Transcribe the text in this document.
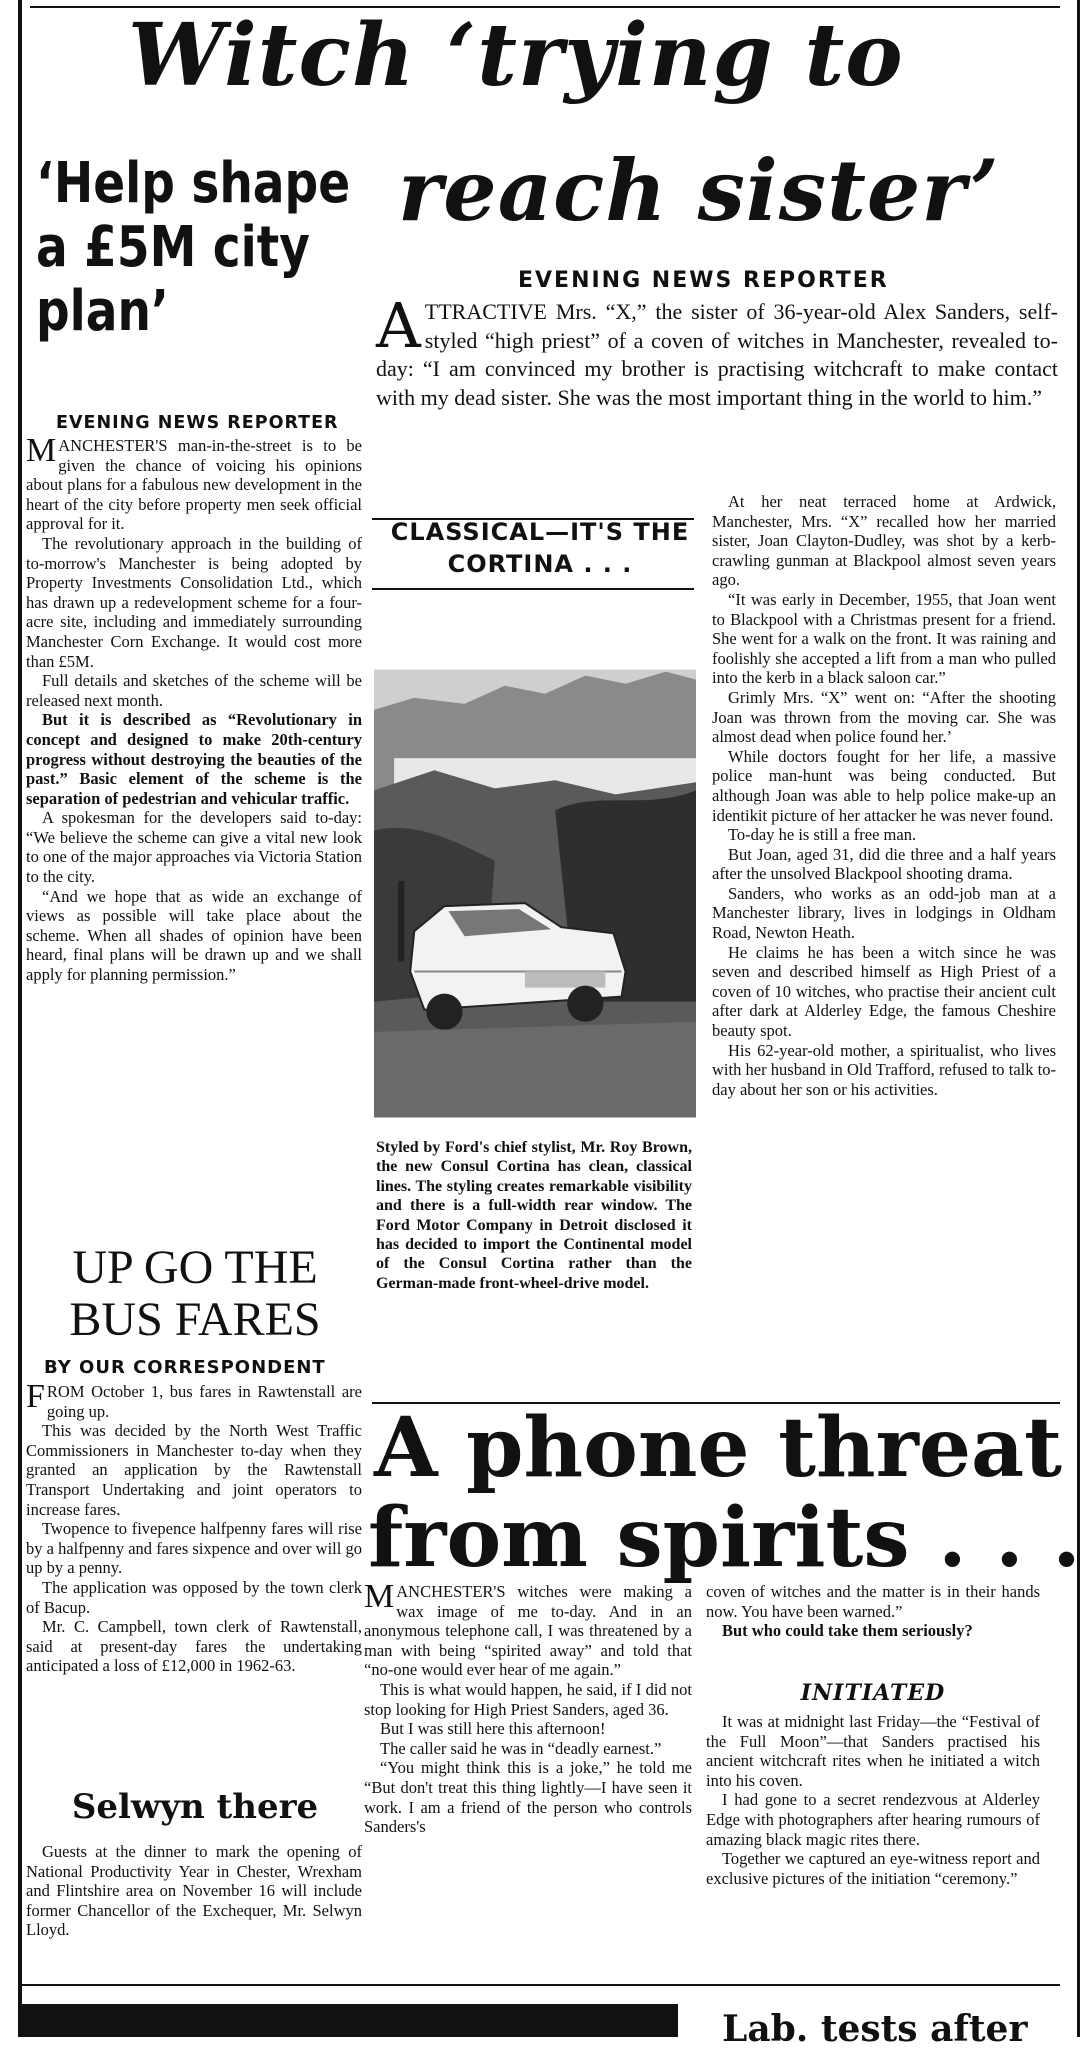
Witch ‘trying to
reach sister’
EVENING NEWS REPORTER
ATTRACTIVE Mrs. “X,” the sister of 36-year-old Alex Sanders, self-styled “high priest” of a coven of witches in Manchester, revealed to-day: “I am convinced my brother is practising witchcraft to make contact with my dead sister. She was the most important thing in the world to him.”
‘Help shape a £5M city plan’
EVENING NEWS REPORTER

MANCHESTER'S man-in-the-street is to be given the chance of voicing his opinions about plans for a fabulous new development in the heart of the city before property men seek official approval for it.

The revolutionary approach in the building of to-morrow's Manchester is being adopted by Property Investments Consolidation Ltd., which has drawn up a redevelopment scheme for a four-acre site, including and immediately surrounding Manchester Corn Exchange. It would cost more than £5M.

Full details and sketches of the scheme will be released next month.

But it is described as “Revolutionary in concept and designed to make 20th-century progress without destroying the beauties of the past.” Basic element of the scheme is the separation of pedestrian and vehicular traffic.

A spokesman for the developers said to-day: “We believe the scheme can give a vital new look to one of the major approaches via Victoria Station to the city.

“And we hope that as wide an exchange of views as possible will take place about the scheme. When all shades of opinion have been heard, final plans will be drawn up and we shall apply for planning permission.”

UP GO THE BUS FARES
BY OUR CORRESPONDENT

FROM October 1, bus fares in Rawtenstall are going up.

This was decided by the North West Traffic Commissioners in Manchester to-day when they granted an application by the Rawtenstall Transport Undertaking and joint operators to increase fares.

Twopence to fivepence halfpenny fares will rise by a halfpenny and fares sixpence and over will go up by a penny.

The application was opposed by the town clerk of Bacup.

Mr. C. Campbell, town clerk of Rawtenstall, said at present-day fares the undertaking anticipated a loss of £12,000 in 1962-63.

Selwyn there

Guests at the dinner to mark the opening of National Productivity Year in Chester, Wrexham and Flintshire area on November 16 will include former Chancellor of the Exchequer, Mr. Selwyn Lloyd.

CLASSICAL—IT'S THE CORTINA . . .
Styled by Ford's chief stylist, Mr. Roy Brown, the new Consul Cortina has clean, classical lines. The styling creates remarkable visibility and there is a full-width rear window. The Ford Motor Company in Detroit disclosed it has decided to import the Continental model of the Consul Cortina rather than the German-made front-wheel-drive model.

At her neat terraced home at Ardwick, Manchester, Mrs. “X” recalled how her married sister, Joan Clayton-Dudley, was shot by a kerb-crawling gunman at Blackpool almost seven years ago.

“It was early in December, 1955, that Joan went to Blackpool with a Christmas present for a friend. She went for a walk on the front. It was raining and foolishly she accepted a lift from a man who pulled into the kerb in a black saloon car.”

Grimly Mrs. “X” went on: “After the shooting Joan was thrown from the moving car. She was almost dead when police found her.’

While doctors fought for her life, a massive police man-hunt was being conducted. But although Joan was able to help police make-up an identikit picture of her attacker he was never found.

To-day he is still a free man.

But Joan, aged 31, did die three and a half years after the unsolved Blackpool shooting drama.

Sanders, who works as an odd-job man at a Manchester library, lives in lodgings in Oldham Road, Newton Heath.

He claims he has been a witch since he was seven and described himself as High Priest of a coven of 10 witches, who practise their ancient cult after dark at Alderley Edge, the famous Cheshire beauty spot.

His 62-year-old mother, a spiritualist, who lives with her husband in Old Trafford, refused to talk to-day about her son or his activities.

A phone threat
from spirits . . .

MANCHESTER'S witches were making a wax image of me to-day. And in an anonymous telephone call, I was threatened by a man with being “spirited away” and told that “no-one would ever hear of me again.”

This is what would happen, he said, if I did not stop looking for High Priest Sanders, aged 36.

But I was still here this afternoon!

The caller said he was in “deadly earnest.”

“You might think this is a joke,” he told me “But don't treat this thing lightly—I have seen it work. I am a friend of the person who controls Sanders's

coven of witches and the matter is in their hands now. You have been warned.”

But who could take them seriously?

INITIATED

It was at midnight last Friday—the “Festival of the Full Moon”—that Sanders practised his ancient witchcraft rites when he initiated a witch into his coven.

I had gone to a secret rendezvous at Alderley Edge with photographers after hearing rumours of amazing black magic rites there.

Together we captured an eye-witness report and exclusive pictures of the initiation “ceremony.”

Lab. tests after
